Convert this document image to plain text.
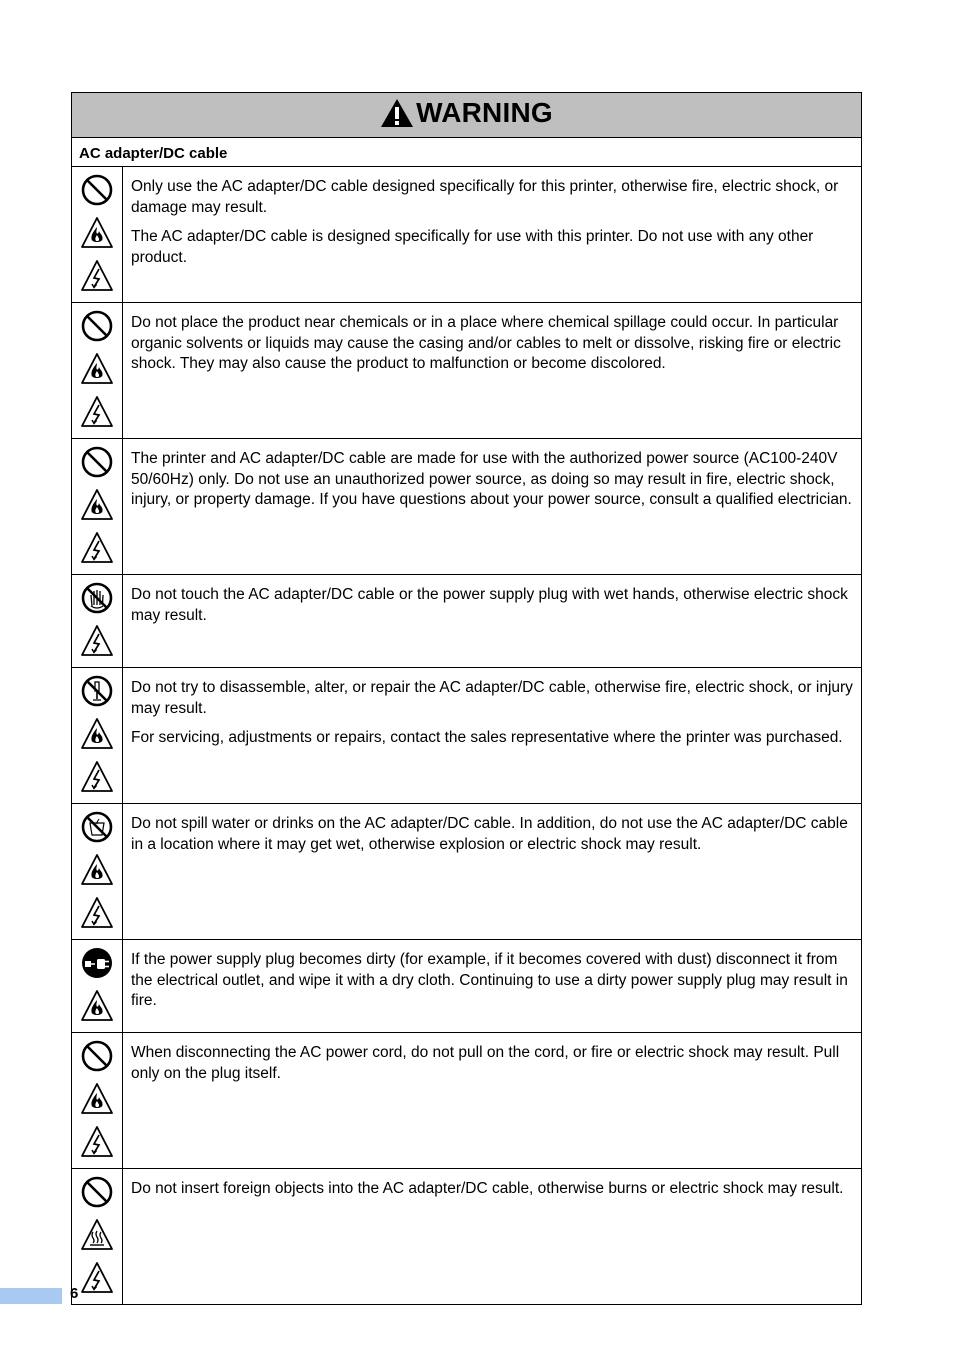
WARNING	

AC adapter/DC cable	

Only use the AC adapter/DC cable designed specifically for this printer, otherwise fire, electric shock, or damage may result.

The AC adapter/DC cable is designed specifically for use with this printer. Do not use with any other product.

Do not place the product near chemicals or in a place where chemical spillage could occur. In particular organic solvents or liquids may cause the casing and/or cables to melt or dissolve, risking fire or electric shock. They may also cause the product to malfunction or become discolored.

The printer and AC adapter/DC cable are made for use with the authorized power source (AC100-240V 50/60Hz) only. Do not use an unauthorized power source, as doing so may result in fire, electric shock, injury, or property damage. If you have questions about your power source, consult a qualified electrician.

Do not touch the AC adapter/DC cable or the power supply plug with wet hands, otherwise electric shock may result.

Do not try to disassemble, alter, or repair the AC adapter/DC cable, otherwise fire, electric shock, or injury may result.

For servicing, adjustments or repairs, contact the sales representative where the printer was purchased.

Do not spill water or drinks on the AC adapter/DC cable. In addition, do not use the AC adapter/DC cable in a location where it may get wet, otherwise explosion or electric shock may result.

If the power supply plug becomes dirty (for example, if it becomes covered with dust) disconnect it from the electrical outlet, and wipe it with a dry cloth. Continuing to use a dirty power supply plug may result in fire.

When disconnecting the AC power cord, do not pull on the cord, or fire or electric shock may result. Pull only on the plug itself.

Do not insert foreign objects into the AC adapter/DC cable, otherwise burns or electric shock may result.

6
